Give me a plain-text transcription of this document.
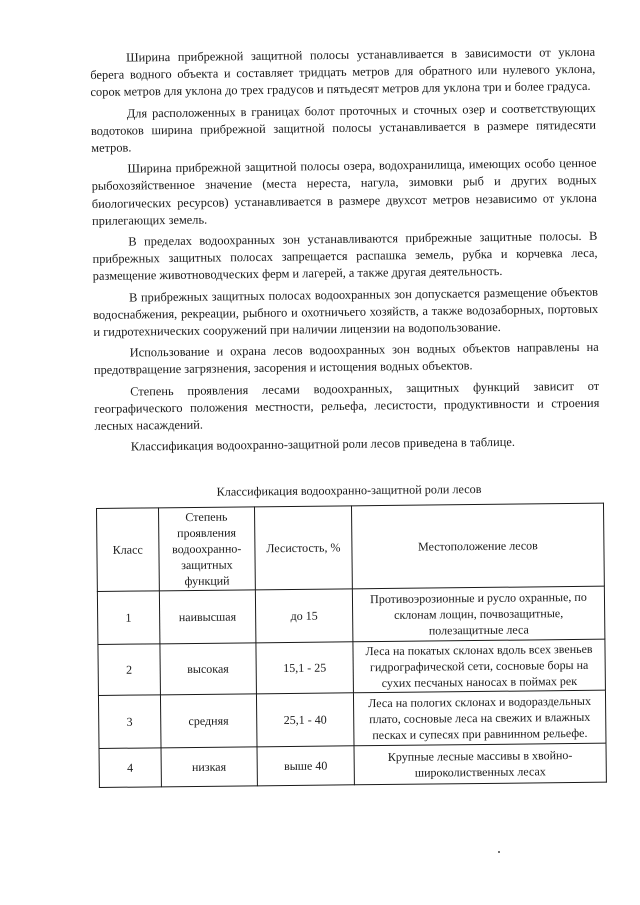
Ширина прибрежной защитной полосы устанавливается в зависимости от уклона берега водного объекта и составляет тридцать метров для обратного или нулевого уклона, сорок метров для уклона до трех градусов и пятьдесят метров для уклона три и более градуса.

Для расположенных в границах болот проточных и сточных озер и соответствующих водотоков ширина прибрежной защитной полосы устанавливается в размере пятидесяти метров.

Ширина прибрежной защитной полосы озера, водохранилища, имеющих особо ценное рыбохозяйственное значение (места нереста, нагула, зимовки рыб и других водных биологических ресурсов) устанавливается в размере двухсот метров независимо от уклона прилегающих земель.

В пределах водоохранных зон устанавливаются прибрежные защитные полосы. В прибрежных защитных полосах запрещается распашка земель, рубка и корчевка леса, размещение животноводческих ферм и лагерей, а также другая деятельность.

В прибрежных защитных полосах водоохранных зон допускается размещение объектов водоснабжения, рекреации, рыбного и охотничьего хозяйств, а также водозаборных, портовых и гидротехнических сооружений при наличии лицензии на водопользование.

Использование и охрана лесов водоохранных зон водных объектов направлены на предотвращение загрязнения, засорения и истощения водных объектов.

Степень проявления лесами водоохранных, защитных функций зависит от географического положения местности, рельефа, лесистости, продуктивности и строения лесных насаждений.

Классификация водоохранно-защитной роли лесов приведена в таблице.

Классификация водоохранно-защитной роли лесов
Класс	Степень проявления водоохранно-защитных функций	Лесистость, %	Местоположение лесов
1	наивысшая	до 15	Противоэрозионные и русло охранные, по склонам лощин, почвозащитные, полезащитные леса
2	высокая	15,1 - 25	Леса на покатых склонах вдоль всех звеньев гидрографической сети, сосновые боры на сухих песчаных наносах в поймах рек
3	средняя	25,1 - 40	Леса на пологих склонах и водораздельных плато, сосновые леса на свежих и влажных песках и супесях при равнинном рельефе.
4	низкая	выше 40	Крупные лесные массивы в хвойно-широколиственных лесах
